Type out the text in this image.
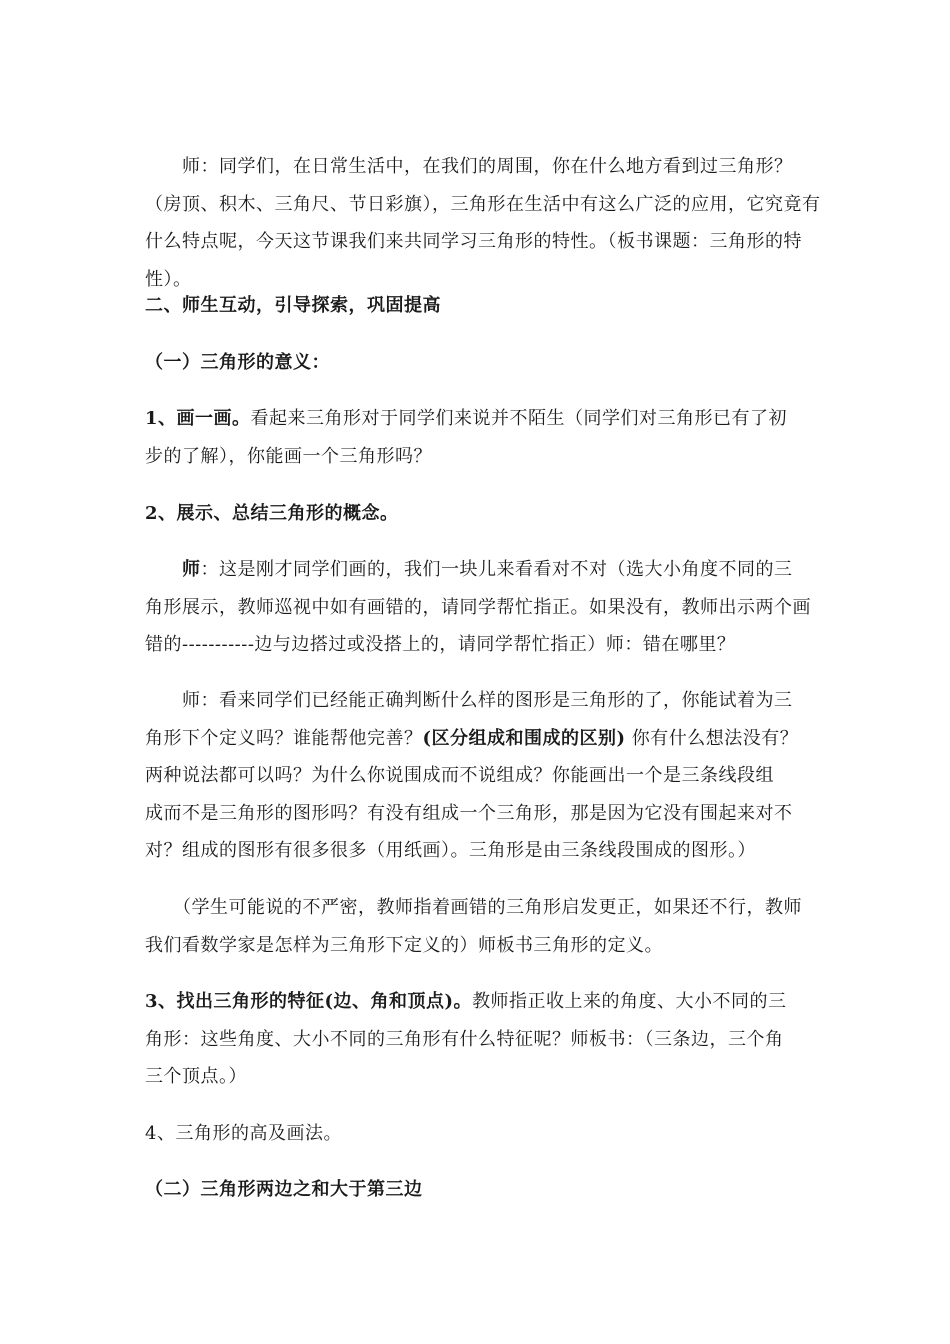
　　师：同学们，在日常生活中，在我们的周围，你在什么地方看到过三角形？
（房顶、积木、三角尺、节日彩旗），三角形在生活中有这么广泛的应用，它究竟有
什么特点呢，今天这节课我们来共同学习三角形的特性。（板书课题：三角形的特
性）。
二、师生互动，引导探索，巩固提高
（一）三角形的意义：
1、画一画。看起来三角形对于同学们来说并不陌生（同学们对三角形已有了初
步的了解），你能画一个三角形吗？
2、展示、总结三角形的概念。
　　师：这是刚才同学们画的，我们一块儿来看看对不对（选大小角度不同的三
角形展示，教师巡视中如有画错的，请同学帮忙指正。如果没有，教师出示两个画
错的-----------边与边搭过或没搭上的，请同学帮忙指正）师：错在哪里？
　　师：看来同学们已经能正确判断什么样的图形是三角形的了，你能试着为三
角形下个定义吗？谁能帮他完善？(区分组成和围成的区别) 你有什么想法没有？
两种说法都可以吗？为什么你说围成而不说组成？你能画出一个是三条线段组
成而不是三角形的图形吗？有没有组成一个三角形，那是因为它没有围起来对不
对？组成的图形有很多很多（用纸画）。三角形是由三条线段围成的图形。）
　　（学生可能说的不严密，教师指着画错的三角形启发更正，如果还不行，教师
我们看数学家是怎样为三角形下定义的）师板书三角形的定义。
3、找出三角形的特征(边、角和顶点)。教师指正收上来的角度、大小不同的三
角形：这些角度、大小不同的三角形有什么特征呢？师板书：（三条边，三个角
三个顶点。）
4、三角形的高及画法。
（二）三角形两边之和大于第三边
